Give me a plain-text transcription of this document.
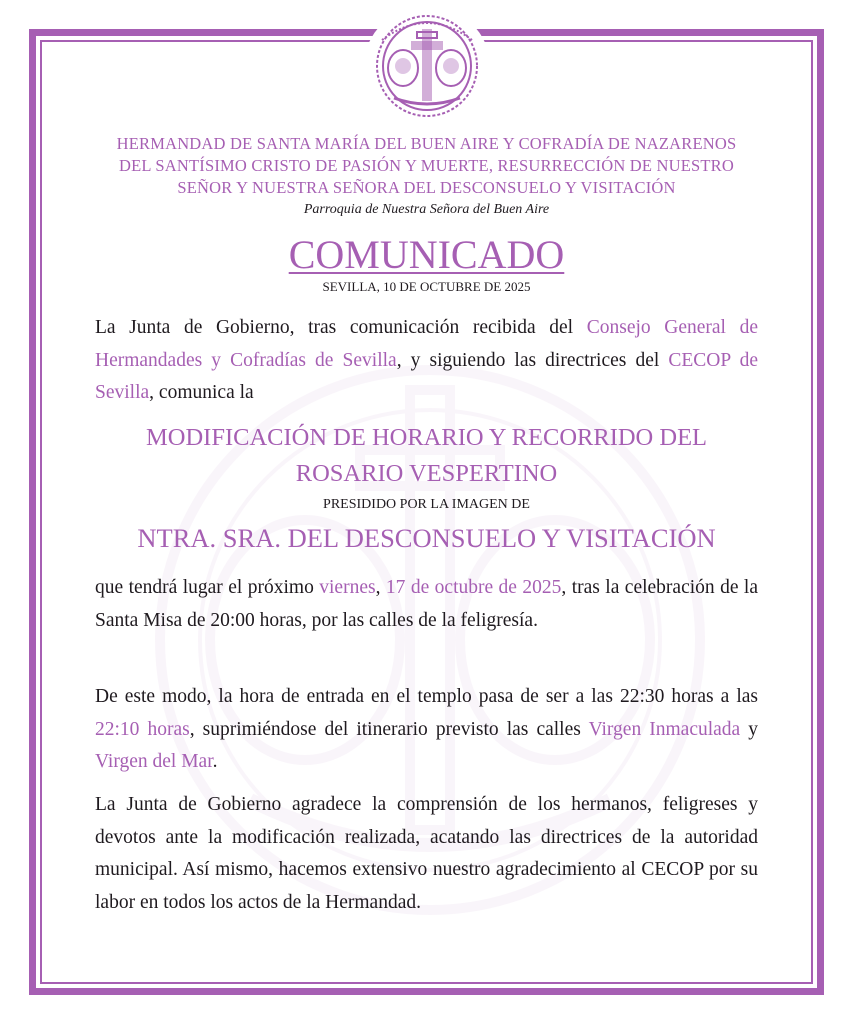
HERMANDAD DE SANTA MARÍA DEL BUEN AIRE Y COFRADÍA DE NAZARENOS
DEL SANTÍSIMO CRISTO DE PASIÓN Y MUERTE, RESURRECCIÓN DE NUESTRO
SEÑOR Y NUESTRA SEÑORA DEL DESCONSUELO Y VISITACIÓN
Parroquia de Nuestra Señora del Buen Aire
COMUNICADO
SEVILLA, 10 DE OCTUBRE DE 2025
La Junta de Gobierno, tras comunicación recibida del Consejo General de Hermandades y Cofradías de Sevilla, y siguiendo las directrices del CECOP de Sevilla, comunica la
MODIFICACIÓN DE HORARIO Y RECORRIDO DEL
ROSARIO VESPERTINO
PRESIDIDO POR LA IMAGEN DE
NTRA. SRA. DEL DESCONSUELO Y VISITACIÓN
que tendrá lugar el próximo viernes, 17 de octubre de 2025, tras la celebración de la Santa Misa de 20:00 horas, por las calles de la feligresía.
De este modo, la hora de entrada en el templo pasa de ser a las 22:30 horas a las 22:10 horas, suprimiéndose del itinerario previsto las calles Virgen Inmaculada y Virgen del Mar.
La Junta de Gobierno agradece la comprensión de los hermanos, feligreses y devotos ante la modificación realizada, acatando las directrices de la autoridad municipal. Así mismo, hacemos extensivo nuestro agradecimiento al CECOP por su labor en todos los actos de la Hermandad.
